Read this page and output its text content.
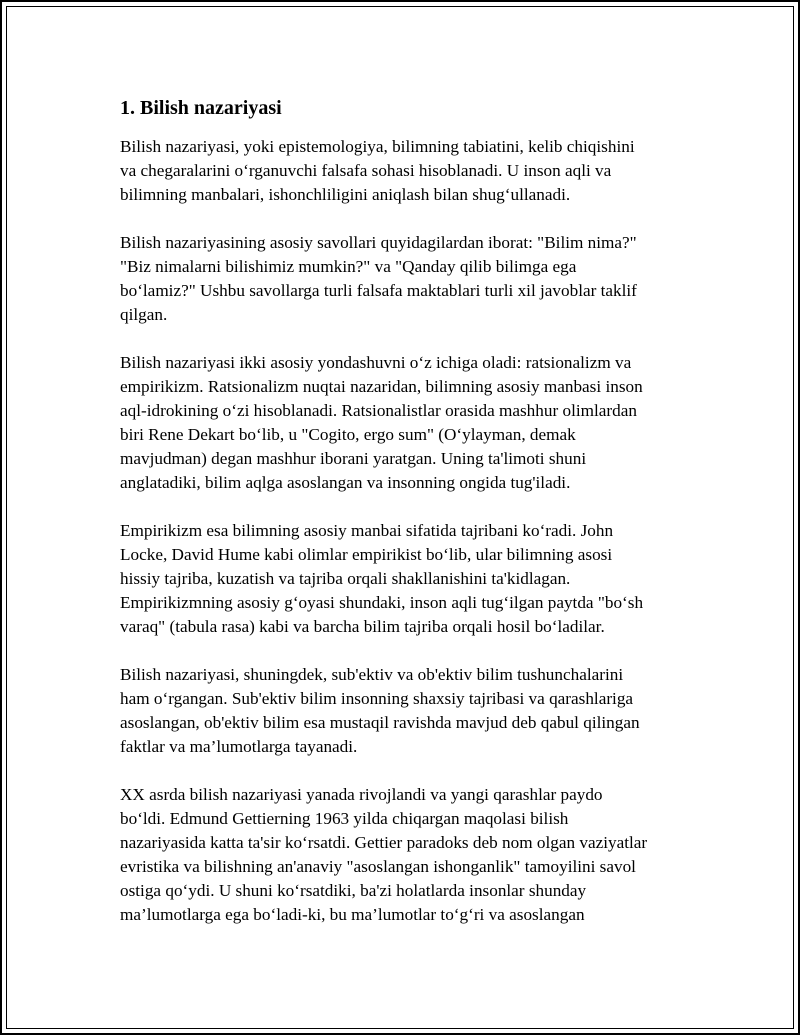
1. Bilish nazariyasi

Bilish nazariyasi, yoki epistemologiya, bilimning tabiatini, kelib chiqishini
va chegaralarini o‘rganuvchi falsafa sohasi hisoblanadi. U inson aqli va
bilimning manbalari, ishonchliligini aniqlash bilan shug‘ullanadi.

Bilish nazariyasining asosiy savollari quyidagilardan iborat: "Bilim nima?"
"Biz nimalarni bilishimiz mumkin?" va "Qanday qilib bilimga ega
bo‘lamiz?" Ushbu savollarga turli falsafa maktablari turli xil javoblar taklif
qilgan.

Bilish nazariyasi ikki asosiy yondashuvni o‘z ichiga oladi: ratsionalizm va
empirikizm. Ratsionalizm nuqtai nazaridan, bilimning asosiy manbasi inson
aql-idrokining o‘zi hisoblanadi. Ratsionalistlar orasida mashhur olimlardan
biri Rene Dekart bo‘lib, u "Cogito, ergo sum" (O‘ylayman, demak
mavjudman) degan mashhur iborani yaratgan. Uning ta'limoti shuni
anglatadiki, bilim aqlga asoslangan va insonning ongida tug'iladi.

Empirikizm esa bilimning asosiy manbai sifatida tajribani ko‘radi. John
Locke, David Hume kabi olimlar empirikist bo‘lib, ular bilimning asosi
hissiy tajriba, kuzatish va tajriba orqali shakllanishini ta'kidlagan.
Empirikizmning asosiy g‘oyasi shundaki, inson aqli tug‘ilgan paytda "bo‘sh
varaq" (tabula rasa) kabi va barcha bilim tajriba orqali hosil bo‘ladilar.

Bilish nazariyasi, shuningdek, sub'ektiv va ob'ektiv bilim tushunchalarini
ham o‘rgangan. Sub'ektiv bilim insonning shaxsiy tajribasi va qarashlariga
asoslangan, ob'ektiv bilim esa mustaqil ravishda mavjud deb qabul qilingan
faktlar va ma’lumotlarga tayanadi.

XX asrda bilish nazariyasi yanada rivojlandi va yangi qarashlar paydo
bo‘ldi. Edmund Gettierning 1963 yilda chiqargan maqolasi bilish
nazariyasida katta ta'sir ko‘rsatdi. Gettier paradoks deb nom olgan vaziyatlar
evristika va bilishning an'anaviy "asoslangan ishonganlik" tamoyilini savol
ostiga qo‘ydi. U shuni ko‘rsatdiki, ba'zi holatlarda insonlar shunday
ma’lumotlarga ega bo‘ladi-ki, bu ma’lumotlar to‘g‘ri va asoslangan
